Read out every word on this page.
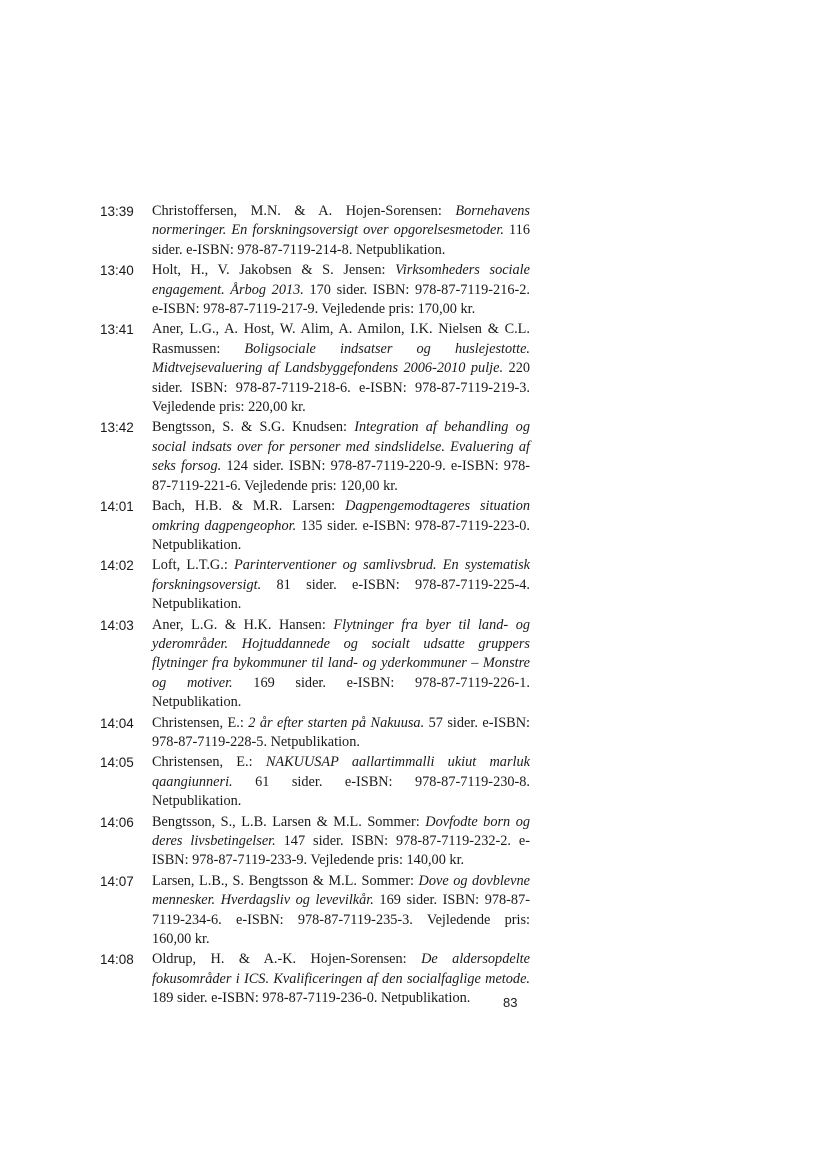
13:39 Christoffersen, M.N. & A. Hojen-Sorensen: Bornehavens normeringer. En forskningsoversigt over opgorelsesmetoder. 116 sider. e-ISBN: 978-87-7119-214-8. Netpublikation.
13:40 Holt, H., V. Jakobsen & S. Jensen: Virksomheders sociale engagement. Årbog 2013. 170 sider. ISBN: 978-87-7119-216-2. e-ISBN: 978-87-7119-217-9. Vejledende pris: 170,00 kr.
13:41 Aner, L.G., A. Host, W. Alim, A. Amilon, I.K. Nielsen & C.L. Rasmussen: Boligsociale indsatser og huslejestotte. Midtvejsevaluering af Landsbyggefondens 2006-2010 pulje. 220 sider. ISBN: 978-87-7119-218-6. e-ISBN: 978-87-7119-219-3. Vejledende pris: 220,00 kr.
13:42 Bengtsson, S. & S.G. Knudsen: Integration af behandling og social indsats over for personer med sindslidelse. Evaluering af seks forsog. 124 sider. ISBN: 978-87-7119-220-9. e-ISBN: 978-87-7119-221-6. Vejledende pris: 120,00 kr.
14:01 Bach, H.B. & M.R. Larsen: Dagpengemodtageres situation omkring dagpengeophor. 135 sider. e-ISBN: 978-87-7119-223-0. Netpublikation.
14:02 Loft, L.T.G.: Parinterventioner og samlivsbrud. En systematisk forskningsoversigt. 81 sider. e-ISBN: 978-87-7119-225-4. Netpublikation.
14:03 Aner, L.G. & H.K. Hansen: Flytninger fra byer til land- og yderområder. Hojtuddannede og socialt udsatte gruppers flytninger fra bykommuner til land- og yderkommuner – Monstre og motiver. 169 sider. e-ISBN: 978-87-7119-226-1. Netpublikation.
14:04 Christensen, E.: 2 år efter starten på Nakuusa. 57 sider. e-ISBN: 978-87-7119-228-5. Netpublikation.
14:05 Christensen, E.: NAKUUSAP aallartimmalli ukiut marluk qaangiunneri. 61 sider. e-ISBN: 978-87-7119-230-8. Netpublikation.
14:06 Bengtsson, S., L.B. Larsen & M.L. Sommer: Dovfodte born og deres livsbetingelser. 147 sider. ISBN: 978-87-7119-232-2. e-ISBN: 978-87-7119-233-9. Vejledende pris: 140,00 kr.
14:07 Larsen, L.B., S. Bengtsson & M.L. Sommer: Dove og dovblevne mennesker. Hverdagsliv og levevilkår. 169 sider. ISBN: 978-87-7119-234-6. e-ISBN: 978-87-7119-235-3. Vejledende pris: 160,00 kr.
14:08 Oldrup, H. & A.-K. Hojen-Sorensen: De aldersopdelte fokusområder i ICS. Kvalificeringen af den socialfaglige metode. 189 sider. e-ISBN: 978-87-7119-236-0. Netpublikation.	83
